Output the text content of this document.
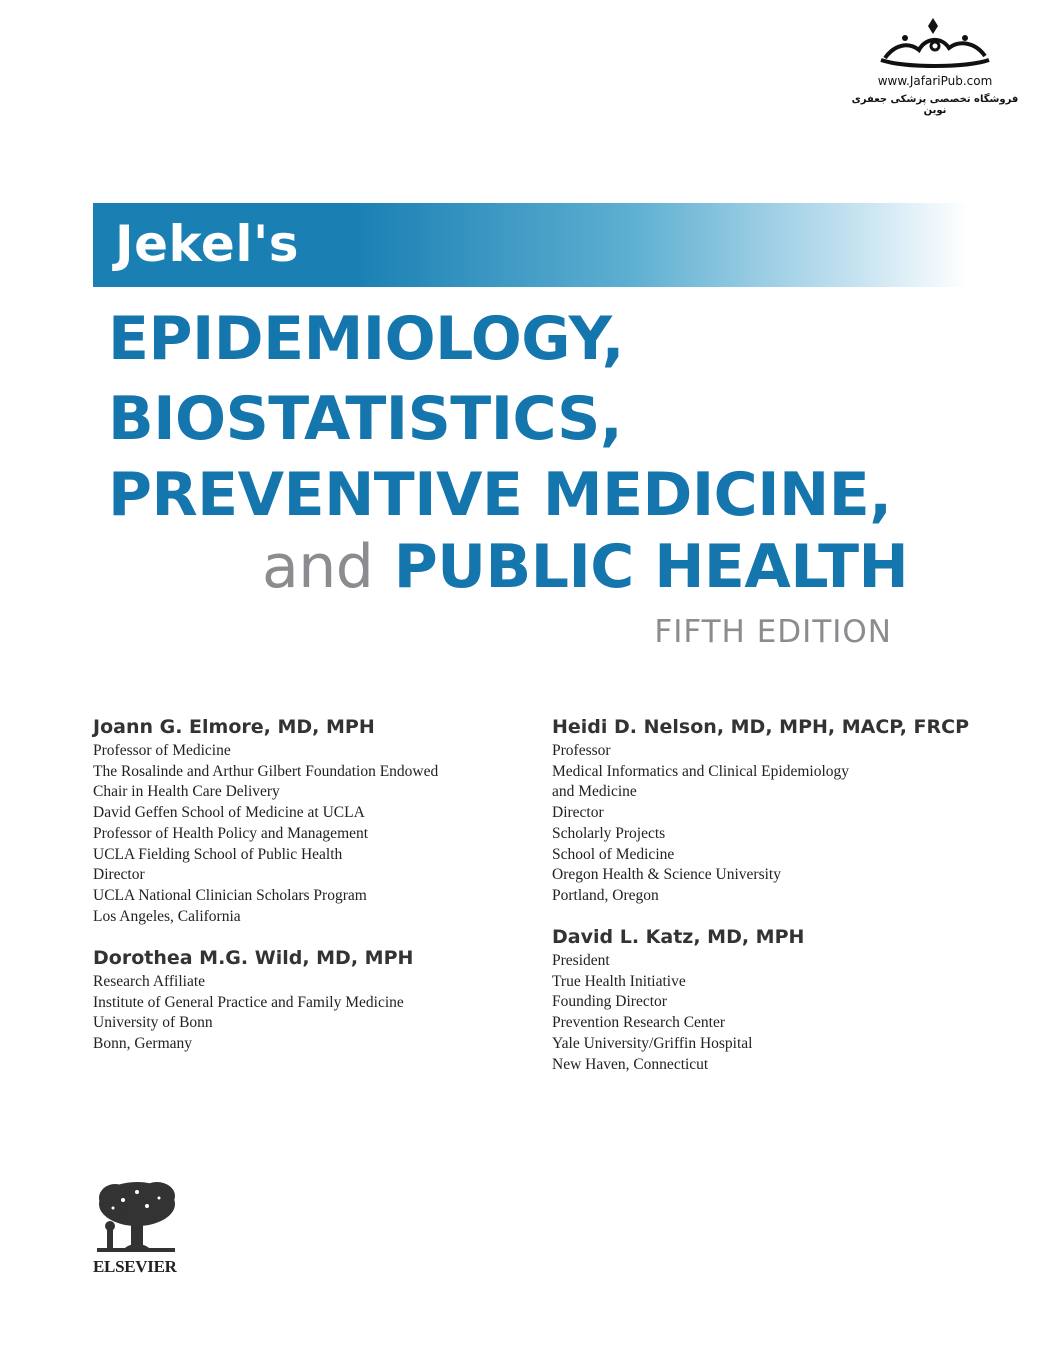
www.JafariPub.com
فروشگاه تخصصی پزشکی جعفری نوین
Jekel's
EPIDEMIOLOGY,
BIOSTATISTICS,
PREVENTIVE MEDICINE,
and PUBLIC HEALTH
FIFTH EDITION
Joann G. Elmore, MD, MPH
Professor of Medicine
The Rosalinde and Arthur Gilbert Foundation Endowed
Chair in Health Care Delivery
David Geffen School of Medicine at UCLA
Professor of Health Policy and Management
UCLA Fielding School of Public Health
Director
UCLA National Clinician Scholars Program
Los Angeles, California
Dorothea M.G. Wild, MD, MPH
Research Affiliate
Institute of General Practice and Family Medicine
University of Bonn
Bonn, Germany
Heidi D. Nelson, MD, MPH, MACP, FRCP
Professor
Medical Informatics and Clinical Epidemiology
and Medicine
Director
Scholarly Projects
School of Medicine
Oregon Health & Science University
Portland, Oregon
David L. Katz, MD, MPH
President
True Health Initiative
Founding Director
Prevention Research Center
Yale University/Griffin Hospital
New Haven, Connecticut
ELSEVIER
